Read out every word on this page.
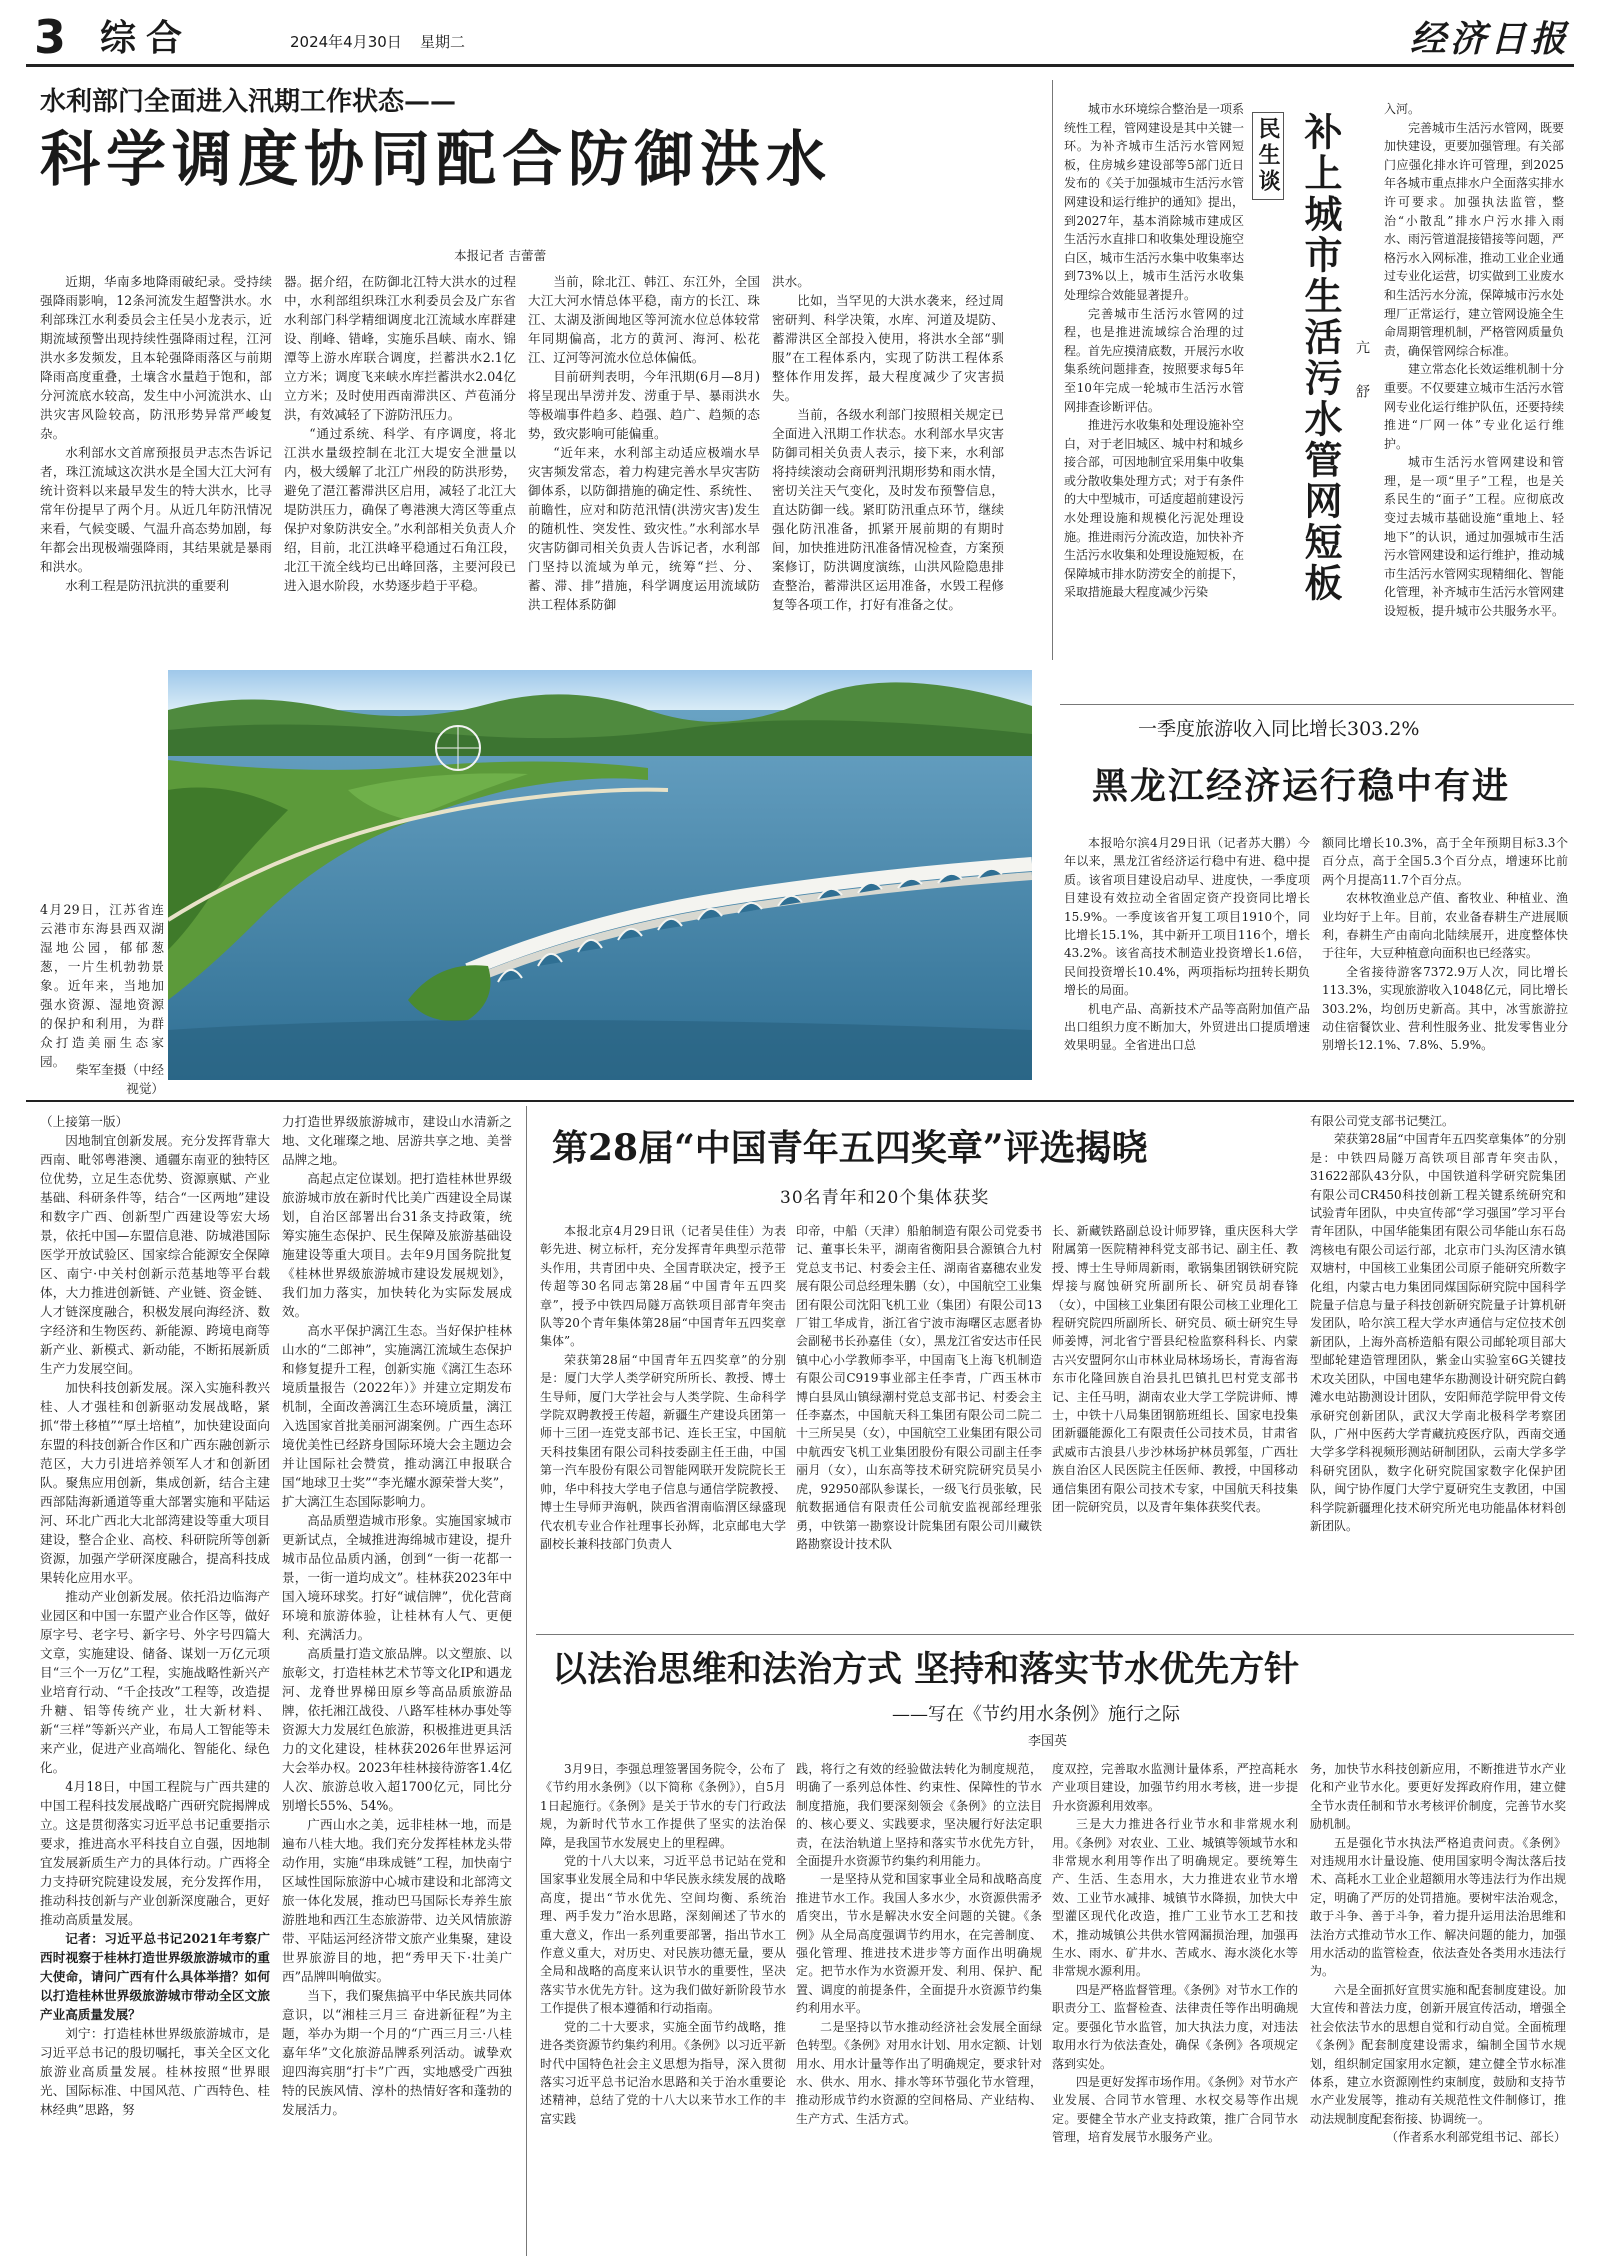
3 综合	2024年4月30日 星期二	经济日报
水利部门全面进入汛期工作状态——
科学调度协同配合防御洪水
本报记者 吉蕾蕾

近期，华南多地降雨破纪录。受持续强降雨影响，12条河流发生超警洪水。水利部珠江水利委员会主任吴小龙表示，近期流域预警出现持续性强降雨过程，江河洪水多发频发，且本轮强降雨落区与前期降雨高度重叠，土壤含水量趋于饱和，部分河流底水较高，发生中小河流洪水、山洪灾害风险较高，防汛形势异常严峻复杂。

水利部水文首席预报员尹志杰告诉记者，珠江流域这次洪水是全国大江大河有统计资料以来最早发生的特大洪水，比寻常年份提早了两个月。从近几年防汛情况来看，气候变暖、气温升高态势加剧，每年都会出现极端强降雨，其结果就是暴雨和洪水。

水利工程是防汛抗洪的重要利

器。据介绍，在防御北江特大洪水的过程中，水利部组织珠江水利委员会及广东省水利部门科学精细调度北江流域水库群建设、削峰、错峰，实施乐昌峡、南水、锦潭等上游水库联合调度，拦蓄洪水2.1亿立方米；调度飞来峡水库拦蓄洪水2.04亿立方米；及时使用西南滞洪区、芦苞涌分洪，有效减轻了下游防汛压力。

“通过系统、科学、有序调度，将北江洪水量级控制在北江大堤安全泄量以内，极大缓解了北江广州段的防洪形势，避免了潖江蓄滞洪区启用，减轻了北江大堤防洪压力，确保了粤港澳大湾区等重点保护对象防洪安全。”水利部相关负责人介绍，目前，北江洪峰平稳通过石角江段，北江干流全线均已出峰回落，主要河段已进入退水阶段，水势逐步趋于平稳。

当前，除北江、韩江、东江外，全国大江大河水情总体平稳，南方的长江、珠江、太湖及浙闽地区等河流水位总体较常年同期偏高，北方的黄河、海河、松花江、辽河等河流水位总体偏低。

目前研判表明，今年汛期(6月—8月)将呈现出旱涝并发、涝重于旱、暴雨洪水等极端事件趋多、趋强、趋广、趋频的态势，致灾影响可能偏重。

“近年来，水利部主动适应极端水旱灾害频发常态，着力构建完善水旱灾害防御体系，以防御措施的确定性、系统性、前瞻性，应对和防范汛情(洪涝灾害)发生的随机性、突发性、致灾性。”水利部水旱灾害防御司相关负责人告诉记者，水利部门坚持以流域为单元，统筹“拦、分、蓄、滞、排”措施，科学调度运用流域防洪工程体系防御

洪水。

比如，当罕见的大洪水袭来，经过周密研判、科学决策，水库、河道及堤防、蓄滞洪区全部投入使用，将洪水全部“驯服”在工程体系内，实现了防洪工程体系整体作用发挥，最大程度减少了灾害损失。

当前，各级水利部门按照相关规定已全面进入汛期工作状态。水利部水旱灾害防御司相关负责人表示，接下来，水利部将持续滚动会商研判汛期形势和雨水情，密切关注天气变化，及时发布预警信息，直达防御一线。紧盯防汛重点环节，继续强化防汛准备，抓紧开展前期的有期时间，加快推进防汛准备情况检查，方案预案修订，防洪调度演练，山洪风险隐患排查整治，蓄滞洪区运用准备，水毁工程修复等各项工作，打好有准备之仗。

4月29日，江苏省连云港市东海县西双湖湿地公园，郁郁葱葱，一片生机勃勃景象。近年来，当地加强水资源、湿地资源的保护和利用，为群众打造美丽生态家园。
柴军奎摄（中经视觉）
民生谈 补上城市生活污水管网短板 亢舒

城市水环境综合整治是一项系统性工程，管网建设是其中关键一环。为补齐城市生活污水管网短板，住房城乡建设部等5部门近日发布的《关于加强城市生活污水管网建设和运行维护的通知》提出，到2027年，基本消除城市建成区生活污水直排口和收集处理设施空白区，城市生活污水集中收集率达到73%以上，城市生活污水收集处理综合效能显著提升。

完善城市生活污水管网的过程，也是推进流域综合治理的过程。首先应摸清底数，开展污水收集系统问题排查，按照要求每5年至10年完成一轮城市生活污水管网排查诊断评估。

推进污水收集和处理设施补空白，对于老旧城区、城中村和城乡接合部，可因地制宜采用集中收集或分散收集处理方式；对于有条件的大中型城市，可适度超前建设污水处理设施和规模化污泥处理设施。推进雨污分流改造，加快补齐生活污水收集和处理设施短板，在保障城市排水防涝安全的前提下，采取措施最大程度减少污染

入河。

完善城市生活污水管网，既要加快建设，更要加强管理。有关部门应强化排水许可管理，到2025年各城市重点排水户全面落实排水许可要求。加强执法监管，整治“小散乱”排水户污水排入雨水、雨污管道混接错接等问题，严格污水入网标准，推动工业企业通过专业化运营，切实做到工业废水和生活污水分流，保障城市污水处理厂正常运行，建立管网设施全生命周期管理机制，严格管网质量负责，确保管网综合标准。

建立常态化长效运维机制十分重要。不仅要建立城市生活污水管网专业化运行维护队伍，还要持续推进“厂网一体”专业化运行维护。

城市生活污水管网建设和管理，是一项“里子”工程，也是关系民生的“面子”工程。应彻底改变过去城市基础设施“重地上、轻地下”的认识，通过加强城市生活污水管网建设和运行维护，推动城市生活污水管网实现精细化、智能化管理，补齐城市生活污水管网建设短板，提升城市公共服务水平。

一季度旅游收入同比增长303.2%
黑龙江经济运行稳中有进

本报哈尔滨4月29日讯（记者苏大鹏）今年以来，黑龙江省经济运行稳中有进、稳中提质。该省项目建设启动早、进度快，一季度项目建设有效拉动全省固定资产投资同比增长15.9%。一季度该省开复工项目1910个，同比增长15.1%，其中新开工项目116个，增长43.2%。该省高技术制造业投资增长1.6倍，民间投资增长10.4%，两项指标均扭转长期负增长的局面。

机电产品、高新技术产品等高附加值产品出口组织力度不断加大，外贸进出口提质增速效果明显。全省进出口总

额同比增长10.3%，高于全年预期目标3.3个百分点，高于全国5.3个百分点，增速环比前两个月提高11.7个百分点。

农林牧渔业总产值、畜牧业、种植业、渔业均好于上年。目前，农业备春耕生产进展顺利，春耕生产由南向北陆续展开，进度整体快于往年，大豆种植意向面积也已经落实。

全省接待游客7372.9万人次，同比增长113.3%，实现旅游收入1048亿元，同比增长303.2%，均创历史新高。其中，冰雪旅游拉动住宿餐饮业、营利性服务业、批发零售业分别增长12.1%、7.8%、5.9%。

（上接第一版）

因地制宜创新发展。充分发挥背靠大西南、毗邻粤港澳、通疆东南亚的独特区位优势，立足生态优势、资源禀赋、产业基础、科研条件等，结合“一区两地”建设和数字广西、创新型广西建设等宏大场景，依托中国—东盟信息港、防城港国际医学开放试验区、国家综合能源安全保障区、南宁·中关村创新示范基地等平台载体，大力推进创新链、产业链、资金链、人才链深度融合，积极发展向海经济、数字经济和生物医药、新能源、跨境电商等新产业、新模式、新动能，不断拓展新质生产力发展空间。

加快科技创新发展。深入实施科教兴桂、人才强桂和创新驱动发展战略，紧抓“带土移植”“厚土培植”，加快建设面向东盟的科技创新合作区和广西东融创新示范区，大力引进培养领军人才和创新团队。聚焦应用创新，集成创新，结合主建西部陆海新通道等重大部署实施和平陆运河、环北广西北大北部湾建设等重大项目建设，整合企业、高校、科研院所等创新资源，加强产学研深度融合，提高科技成果转化应用水平。

推动产业创新发展。依托沿边临海产业园区和中国一东盟产业合作区等，做好原字号、老字号、新字号、外字号四篇大文章，实施建设、储备、谋划一万亿元项目“三个一万亿”工程，实施战略性新兴产业培育行动、“千企技改”工程等，改造提升糖、铝等传统产业，壮大新材料、新“三样”等新兴产业，布局人工智能等未来产业，促进产业高端化、智能化、绿色化。

4月18日，中国工程院与广西共建的中国工程科技发展战略广西研究院揭牌成立。这是贯彻落实习近平总书记重要指示要求，推进高水平科技自立自强，因地制宜发展新质生产力的具体行动。广西将全力支持研究院建设发展，充分发挥作用，推动科技创新与产业创新深度融合，更好推动高质量发展。

记者：习近平总书记2021年考察广西时视察于桂林打造世界级旅游城市的重大使命，请问广西有什么具体举措？如何以打造桂林世界级旅游城市带动全区文旅产业高质量发展？

刘宁：打造桂林世界级旅游城市，是习近平总书记的殷切嘱托，事关全区文化旅游业高质量发展。桂林按照“世界眼光、国际标准、中国风范、广西特色、桂林经典”思路，努

力打造世界级旅游城市，建设山水清新之地、文化璀璨之地、居游共享之地、美誉品牌之地。

高起点定位谋划。把打造桂林世界级旅游城市放在新时代比美广西建设全局谋划，自治区部署出台31条支持政策，统筹实施生态保护、民生保障及旅游基础设施建设等重大项目。去年9月国务院批复《桂林世界级旅游城市建设发展规划》，我们加力落实，加快转化为实际发展成效。

高水平保护漓江生态。当好保护桂林山水的“二郎神”，实施漓江流域生态保护和修复提升工程，创新实施《漓江生态环境质量报告（2022年）》并建立定期发布机制，全面改善漓江生态环境质量，漓江入选国家首批美丽河湖案例。广西生态环境优美性已经跻身国际环境大会主题边会并让国际社会赞赏，推动漓江申报联合国“地球卫士奖”“李光耀水源荣誉大奖”，扩大漓江生态国际影响力。

高品质塑造城市形象。实施国家城市更新试点，全城推进海绵城市建设，提升城市品位品质内涵，创到“一街一花都一景，一街一道均成文”。桂林获2023年中国入境环球奖。打好“诚信牌”，优化营商环境和旅游体验，让桂林有人气、更便利、充满活力。

高质量打造文旅品牌。以文塑旅、以旅彰文，打造桂林艺术节等文化IP和遇龙河、龙脊世界梯田原乡等高品质旅游品牌，依托湘江战役、八路军桂林办事处等资源大力发展红色旅游，积极推进更具活力的文化建设，桂林获2026年世界运河大会举办权。2023年桂林接待游客1.4亿人次、旅游总收入超1700亿元，同比分别增长55%、54%。

广西山水之美，远非桂林一地，而是遍布八桂大地。我们充分发挥桂林龙头带动作用，实施“串珠成链”工程，加快南宁区域性国际旅游中心城市建设和北部湾文旅一体化发展，推动巴马国际长寿养生旅游胜地和西江生态旅游带、边关风情旅游带、平陆运河经济带文旅产业集聚，建设世界旅游目的地，把“秀甲天下·壮美广西”品牌叫响做实。

当下，我们聚焦搞平中华民族共同体意识，以“湘桂三月三 奋进新征程”为主题，举办为期一个月的“广西三月三·八桂嘉年华”文化旅游品牌系列活动。诚挚欢迎四海宾朋“打卡”广西，实地感受广西独特的民族风情、淳朴的热情好客和蓬勃的发展活力。

第28届“中国青年五四奖章”评选揭晓
30名青年和20个集体获奖

本报北京4月29日讯（记者吴佳佳）为表彰先进、树立标杆，充分发挥青年典型示范带头作用，共青团中央、全国青联决定，授予王传超等30名同志第28届“中国青年五四奖章”，授予中铁四局隧万高铁项目部青年突击队等20个青年集体第28届“中国青年五四奖章集体”。

荣获第28届“中国青年五四奖章”的分别是：厦门大学人类学研究所所长、教授、博士生导师，厦门大学社会与人类学院、生命科学学院双聘教授王传超，新疆生产建设兵团第一师十三团一连党支部书记、连长王宝，中国航天科技集团有限公司科技委副主任王曲，中国第一汽车股份有限公司智能网联开发院院长王帅，华中科技大学电子信息与通信学院教授、博士生导师尹海帆，陕西省渭南临渭区绿盛现代农机专业合作社理事长孙辉，北京邮电大学副校长兼科技部门负责人

印帝，中船（天津）船舶制造有限公司党委书记、董事长朱平，湖南省衡阳县合源镇合九村党总支书记、村委会主任、湖南省嘉穗农业发展有限公司总经理朱鹏（女），中国航空工业集团有限公司沈阳飞机工业（集团）有限公司13厂钳工华成肯，浙江省宁波市海曙区志愿者协会副秘书长孙嘉佳（女），黑龙江省安达市任民镇中心小学教师李平，中国南飞上海飞机制造有限公司C919事业部主任李青，广西玉林市博白县凤山镇绿潮村党总支部书记、村委会主任李嘉杰，中国航天科工集团有限公司二院二十三所吴昊（女），中国航空工业集团有限公司中航西安飞机工业集团股份有限公司副主任李丽月（女），山东高等技术研究院研究员吴小虎，92950部队参谋长，一级飞行员张敏，民航数据通信有限责任公司航安监视部经理张勇，中铁第一勘察设计院集团有限公司川藏铁路勘察设计技术队

长、新藏铁路副总设计师罗锋，重庆医科大学附属第一医院精神科党支部书记、副主任、教授、博士生导师周新雨，歌锅集团钢铁研究院焊接与腐蚀研究所副所长、研究员胡春锋（女），中国核工业集团有限公司核工业理化工程研究院四所副所长、研究员、硕士研究生导师姜博，河北省宁晋县纪检监察科科长、内蒙古兴安盟阿尔山市林业局林场场长，青海省海东市化隆回族自治县扎巴镇扎巴村党支部书记、主任马明，湖南农业大学工学院讲师、博士，中铁十八局集团钢筋班组长、国家电投集团新疆能源化工有限责任公司技术员，甘肃省武威市古浪县八步沙林场护林员郭玺，广西壮族自治区人民医院主任医师、教授，中国移动通信集团有限公司技术专家，中国航天科技集团一院研究员，以及青年集体获奖代表。

有限公司党支部书记樊江。

荣获第28届“中国青年五四奖章集体”的分别是：中铁四局隧万高铁项目部青年突击队，31622部队43分队，中国铁道科学研究院集团有限公司CR450科技创新工程关键系统研究和试验青年团队，中央宣传部“学习强国”学习平台青年团队，中国华能集团有限公司华能山东石岛湾核电有限公司运行部，北京市门头沟区清水镇双塘村，中国核工业集团公司原子能研究所数字化组，内蒙古电力集团同煤国际研究院中国科学院量子信息与量子科技创新研究院量子计算机研发团队，哈尔滨工程大学水声通信与定位技术创新团队，上海外高桥造船有限公司邮轮项目部大型邮轮建造管理团队，紫金山实验室6G关键技术攻关团队，中国电建华东勘测设计研究院白鹤滩水电站勘测设计团队，安阳师范学院甲骨文传承研究创新团队，武汉大学南北极科学考察团队，广州中医药大学青藏抗疫医疗队，西南交通大学多学科视频形测站研制团队，云南大学多学科研究团队，数字化研究院国家数字化保护团队，闽宁协作厦门大学宁夏研究生支教团，中国科学院新疆理化技术研究所光电功能晶体材料创新团队。

以法治思维和法治方式 坚持和落实节水优先方针
——写在《节约用水条例》施行之际
李国英

3月9日，李强总理签署国务院令，公布了《节约用水条例》（以下简称《条例》），自5月1日起施行。《条例》是关于节水的专门行政法规，为新时代节水工作提供了坚实的法治保障，是我国节水发展史上的里程碑。

党的十八大以来，习近平总书记站在党和国家事业发展全局和中华民族永续发展的战略高度，提出“节水优先、空间均衡、系统治理、两手发力”治水思路，深刻阐述了节水的重大意义，作出一系列重要部署，指出节水工作意义重大，对历史、对民族功德无量，要从全局和战略的高度来认识节水的重要性，坚决落实节水优先方针。这为我们做好新阶段节水工作提供了根本遵循和行动指南。

党的二十大要求，实施全面节约战略，推进各类资源节约集约利用。《条例》以习近平新时代中国特色社会主义思想为指导，深入贯彻落实习近平总书记治水思路和关于治水重要论述精神，总结了党的十八大以来节水工作的丰富实践

践，将行之有效的经验做法转化为制度规范，明确了一系列总体性、约束性、保障性的节水制度措施，我们要深刻领会《条例》的立法目的、核心要义、实践要求，坚决履行好法定职责，在法治轨道上坚持和落实节水优先方针，全面提升水资源节约集约利用能力。

一是坚持从党和国家事业全局和战略高度推进节水工作。我国人多水少，水资源供需矛盾突出，节水是解决水安全问题的关键。《条例》从全局高度强调节约用水，在完善制度、强化管理、推进技术进步等方面作出明确规定。把节水作为水资源开发、利用、保护、配置、调度的前提条件，全面提升水资源节约集约利用水平。

二是坚持以节水推动经济社会发展全面绿色转型。《条例》对用水计划、用水定额、计划用水、用水计量等作出了明确规定，要求针对水、供水、用水、排水等环节强化节水管理，推动形成节约水资源的空间格局、产业结构、生产方式、生活方式。

度双控，完善取水监测计量体系，严控高耗水产业项目建设，加强节约用水考核，进一步提升水资源利用效率。

三是大力推进各行业节水和非常规水利用。《条例》对农业、工业、城镇等领域节水和非常规水利用等作出了明确规定。要统筹生产、生活、生态用水，大力推进农业节水增效、工业节水减排、城镇节水降损，加快大中型灌区现代化改造，推广工业节水工艺和技术，推动城镇公共供水管网漏损治理，加强再生水、雨水、矿井水、苦咸水、海水淡化水等非常规水源利用。

四是严格监督管理。《条例》对节水工作的职责分工、监督检查、法律责任等作出明确规定。要强化节水监管，加大执法力度，对违法取用水行为依法查处，确保《条例》各项规定落到实处。

四是更好发挥市场作用。《条例》对节水产业发展、合同节水管理、水权交易等作出规定。要健全节水产业支持政策，推广合同节水管理，培育发展节水服务产业。

务，加快节水科技创新应用，不断推进节水产业化和产业节水化。要更好发挥政府作用，建立健全节水责任制和节水考核评价制度，完善节水奖励机制。

五是强化节水执法严格追责问责。《条例》对违规用水计量设施、使用国家明令淘汰落后技术、高耗水工业企业超额用水等违法行为作出规定，明确了严厉的处罚措施。要树牢法治观念，敢于斗争、善于斗争，着力提升运用法治思维和法治方式推动节水工作、解决问题的能力，加强用水活动的监管检查，依法查处各类用水违法行为。

六是全面抓好宣贯实施和配套制度建设。加大宣传和普法力度，创新开展宣传活动，增强全社会依法节水的思想自觉和行动自觉。全面梳理《条例》配套制度建设需求，编制全国节水规划，组织制定国家用水定额，建立健全节水标准体系，建立水资源刚性约束制度，鼓励和支持节水产业发展等，推动有关规范性文件制修订，推动法规制度配套衔接、协调统一。

（作者系水利部党组书记、部长）
